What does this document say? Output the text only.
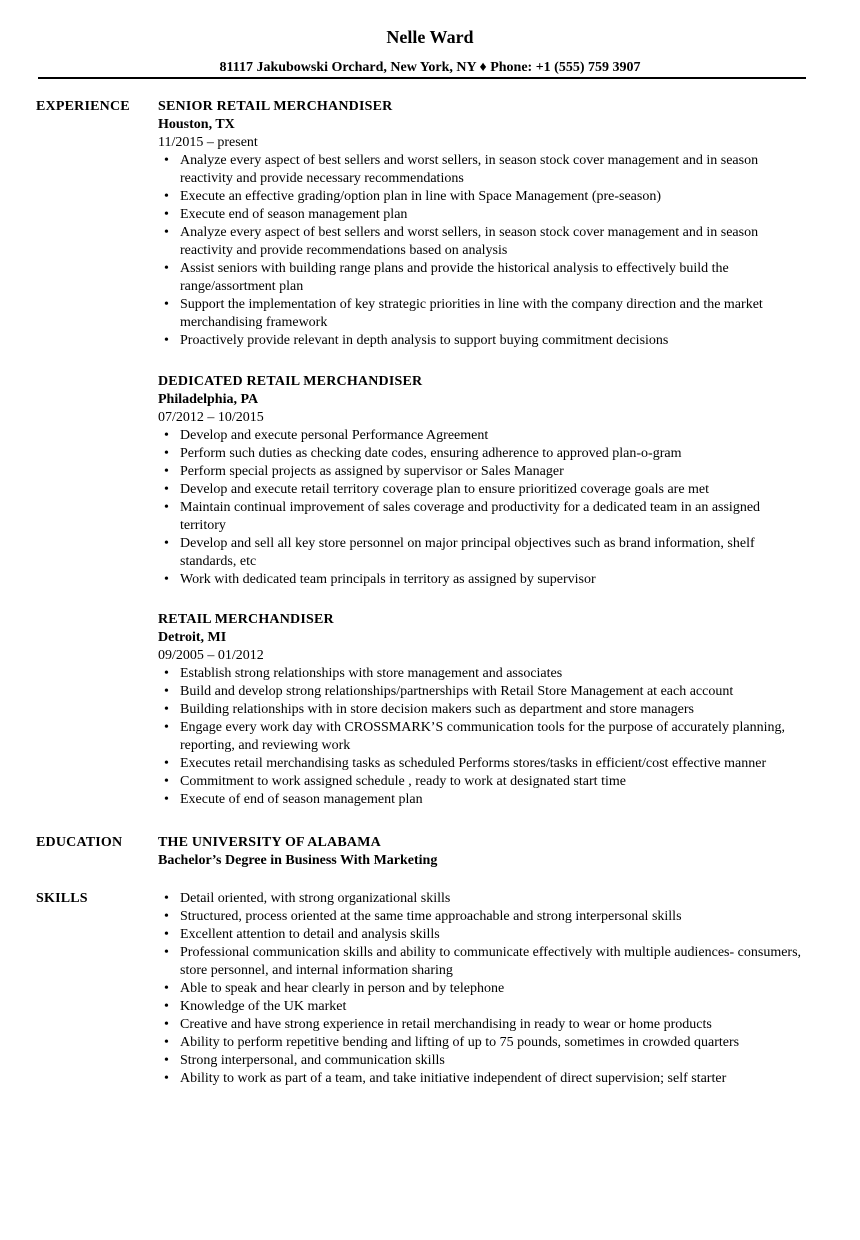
Nelle Ward
81117 Jakubowski Orchard, New York, NY ♦ Phone: +1 (555) 759 3907
EXPERIENCE SENIOR RETAIL MERCHANDISER
Houston, TX
11/2015 – present
• Analyze every aspect of best sellers and worst sellers, in season stock cover management and in season reactivity and provide necessary recommendations
• Execute an effective grading/option plan in line with Space Management (pre-season)
• Execute end of season management plan
• Analyze every aspect of best sellers and worst sellers, in season stock cover management and in season reactivity and provide recommendations based on analysis
• Assist seniors with building range plans and provide the historical analysis to effectively build the range/assortment plan
• Support the implementation of key strategic priorities in line with the company direction and the market merchandising framework
• Proactively provide relevant in depth analysis to support buying commitment decisions
DEDICATED RETAIL MERCHANDISER
Philadelphia, PA
07/2012 – 10/2015
• Develop and execute personal Performance Agreement
• Perform such duties as checking date codes, ensuring adherence to approved plan-o-gram
• Perform special projects as assigned by supervisor or Sales Manager
• Develop and execute retail territory coverage plan to ensure prioritized coverage goals are met
• Maintain continual improvement of sales coverage and productivity for a dedicated team in an assigned territory
• Develop and sell all key store personnel on major principal objectives such as brand information, shelf standards, etc
• Work with dedicated team principals in territory as assigned by supervisor
RETAIL MERCHANDISER
Detroit, MI
09/2005 – 01/2012
• Establish strong relationships with store management and associates
• Build and develop strong relationships/partnerships with Retail Store Management at each account
• Building relationships with in store decision makers such as department and store managers
• Engage every work day with CROSSMARK’S communication tools for the purpose of accurately planning, reporting, and reviewing work
• Executes retail merchandising tasks as scheduled Performs stores/tasks in efficient/cost effective manner
• Commitment to work assigned schedule , ready to work at designated start time
• Execute of end of season management plan
EDUCATION	THE UNIVERSITY OF ALABAMA
Bachelor’s Degree in Business With Marketing
SKILLS
•	Detail oriented, with strong organizational skills
• Structured, process oriented at the same time approachable and strong interpersonal skills
• Excellent attention to detail and analysis skills
• Professional communication skills and ability to communicate effectively with multiple audiences- consumers, store personnel, and internal information sharing
• Able to speak and hear clearly in person and by telephone
• Knowledge of the UK market
• Creative and have strong experience in retail merchandising in ready to wear or home products
• Ability to perform repetitive bending and lifting of up to 75 pounds, sometimes in crowded quarters
• Strong interpersonal, and communication skills
• Ability to work as part of a team, and take initiative independent of direct supervision; self starter
